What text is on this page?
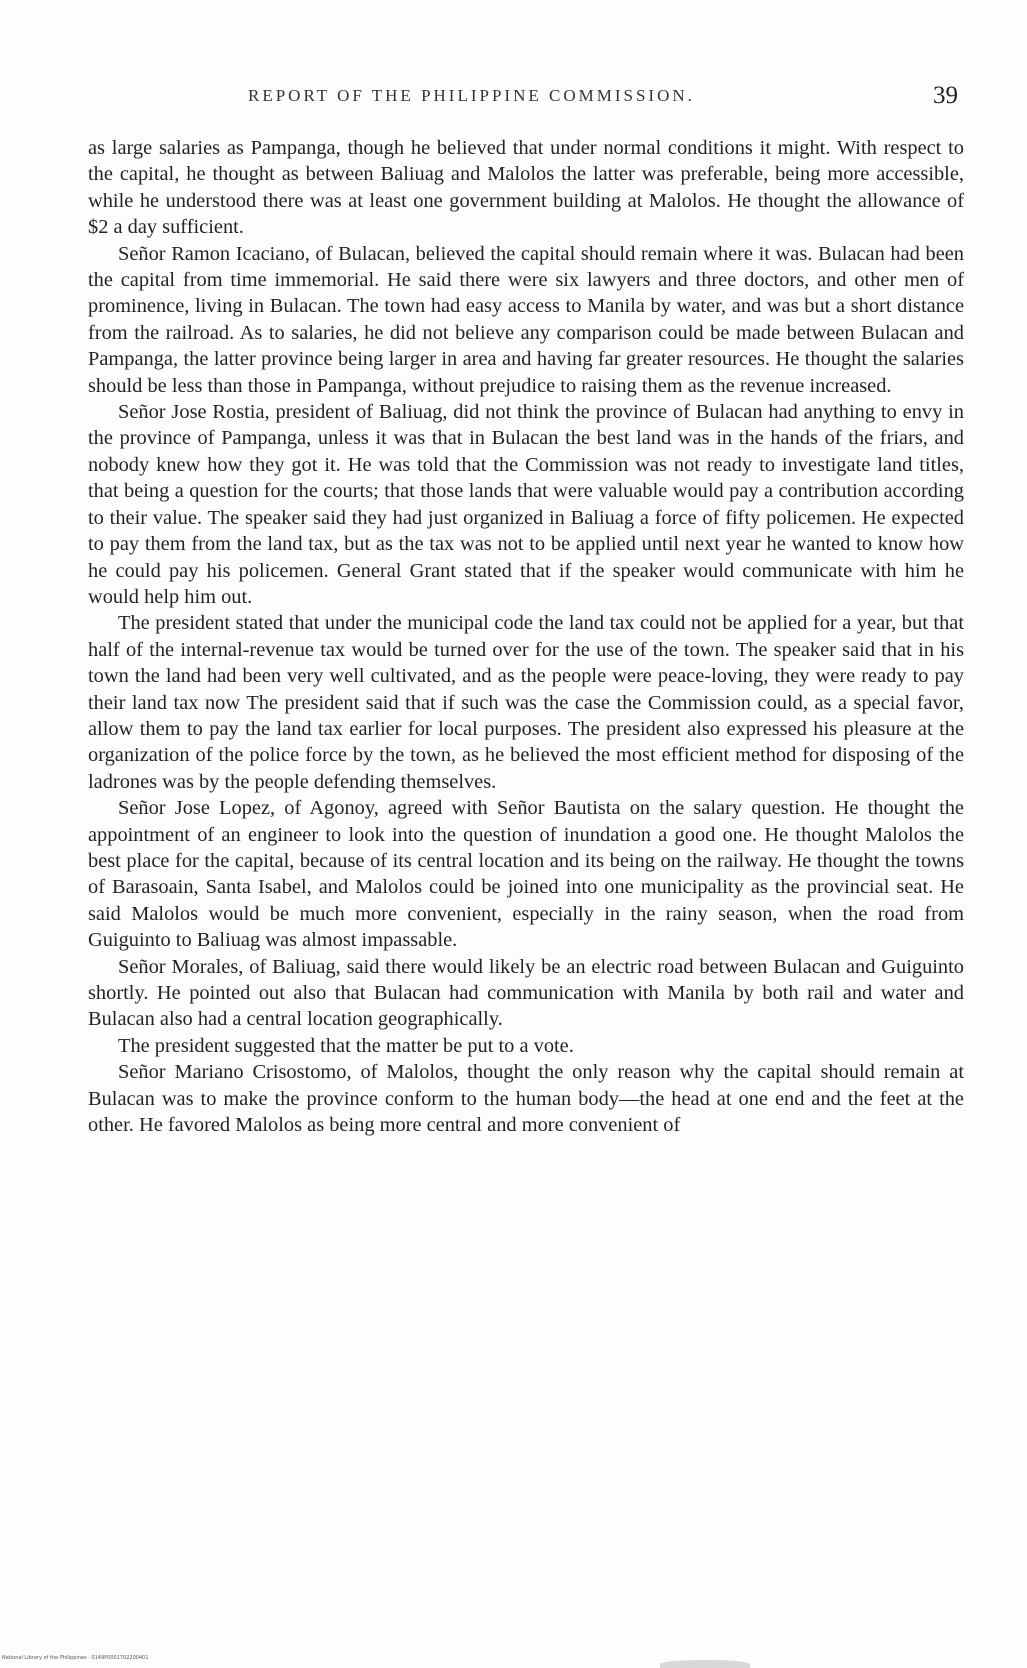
REPORT OF THE PHILIPPINE COMMISSION.	39

as large salaries as Pampanga, though he believed that under normal conditions it might. With respect to the capital, he thought as between Baliuag and Malolos the latter was preferable, being more accessible, while he understood there was at least one government building at Malolos. He thought the allowance of $2 a day sufficient.

Señor Ramon Icaciano, of Bulacan, believed the capital should remain where it was. Bulacan had been the capital from time immemorial. He said there were six lawyers and three doctors, and other men of prominence, living in Bulacan. The town had easy access to Manila by water, and was but a short distance from the railroad. As to salaries, he did not believe any comparison could be made between Bulacan and Pampanga, the latter province being larger in area and having far greater resources. He thought the salaries should be less than those in Pampanga, without prejudice to raising them as the revenue increased.

Señor Jose Rostia, president of Baliuag, did not think the province of Bulacan had anything to envy in the province of Pampanga, unless it was that in Bulacan the best land was in the hands of the friars, and nobody knew how they got it. He was told that the Commission was not ready to investigate land titles, that being a question for the courts; that those lands that were valuable would pay a contribution according to their value. The speaker said they had just organized in Baliuag a force of fifty policemen. He expected to pay them from the land tax, but as the tax was not to be applied until next year he wanted to know how he could pay his policemen. General Grant stated that if the speaker would communicate with him he would help him out.

The president stated that under the municipal code the land tax could not be applied for a year, but that half of the internal-revenue tax would be turned over for the use of the town. The speaker said that in his town the land had been very well cultivated, and as the people were peace-loving, they were ready to pay their land tax now The president said that if such was the case the Commission could, as a special favor, allow them to pay the land tax earlier for local purposes. The president also expressed his pleasure at the organization of the police force by the town, as he believed the most efficient method for disposing of the ladrones was by the people defending themselves.

Señor Jose Lopez, of Agonoy, agreed with Señor Bautista on the salary question. He thought the appointment of an engineer to look into the question of inundation a good one. He thought Malolos the best place for the capital, because of its central location and its being on the railway. He thought the towns of Barasoain, Santa Isabel, and Malolos could be joined into one municipality as the provincial seat. He said Malolos would be much more convenient, especially in the rainy season, when the road from Guiguinto to Baliuag was almost impassable.

Señor Morales, of Baliuag, said there would likely be an electric road between Bulacan and Guiguinto shortly. He pointed out also that Bulacan had communication with Manila by both rail and water and Bulacan also had a central location geographically.

The president suggested that the matter be put to a vote.

Señor Mariano Crisostomo, of Malolos, thought the only reason why the capital should remain at Bulacan was to make the province conform to the human body—the head at one end and the feet at the other. He favored Malolos as being more central and more convenient of

National Library of the Philippines · 0149P0001702200401
